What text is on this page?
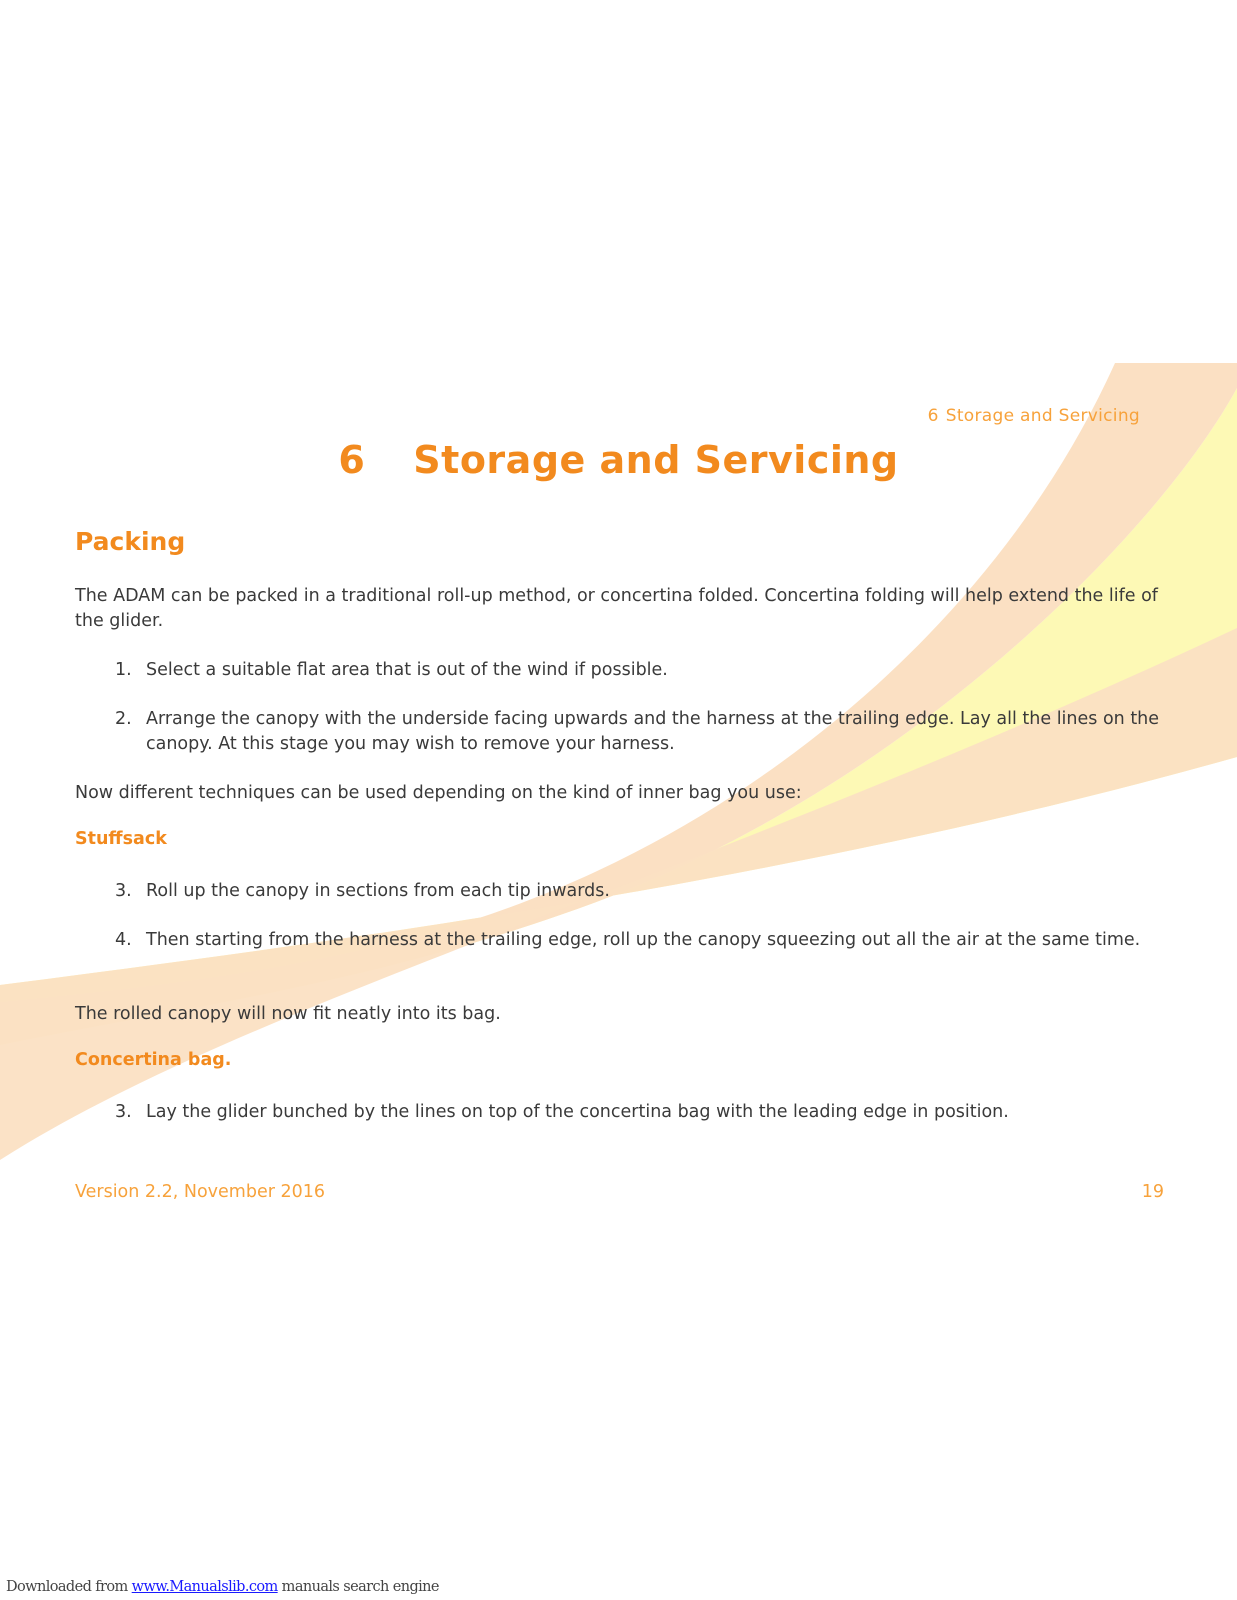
6 Storage and Servicing
6 Storage and Servicing
Packing
The ADAM can be packed in a traditional roll-up method, or concertina folded. Concertina folding will help extend the life of the glider.
1. Select a suitable flat area that is out of the wind if possible.
2. Arrange the canopy with the underside facing upwards and the harness at the trailing edge. Lay all the lines on the canopy. At this stage you may wish to remove your harness.
Now different techniques can be used depending on the kind of inner bag you use:
Stuffsack
3. Roll up the canopy in sections from each tip inwards.
4. Then starting from the harness at the trailing edge, roll up the canopy squeezing out all the air at the same time.
The rolled canopy will now fit neatly into its bag.
Concertina bag.
3. Lay the glider bunched by the lines on top of the concertina bag with the leading edge in position.
Version 2.2, November 2016	19
Downloaded from www.Manualslib.com manuals search engine
